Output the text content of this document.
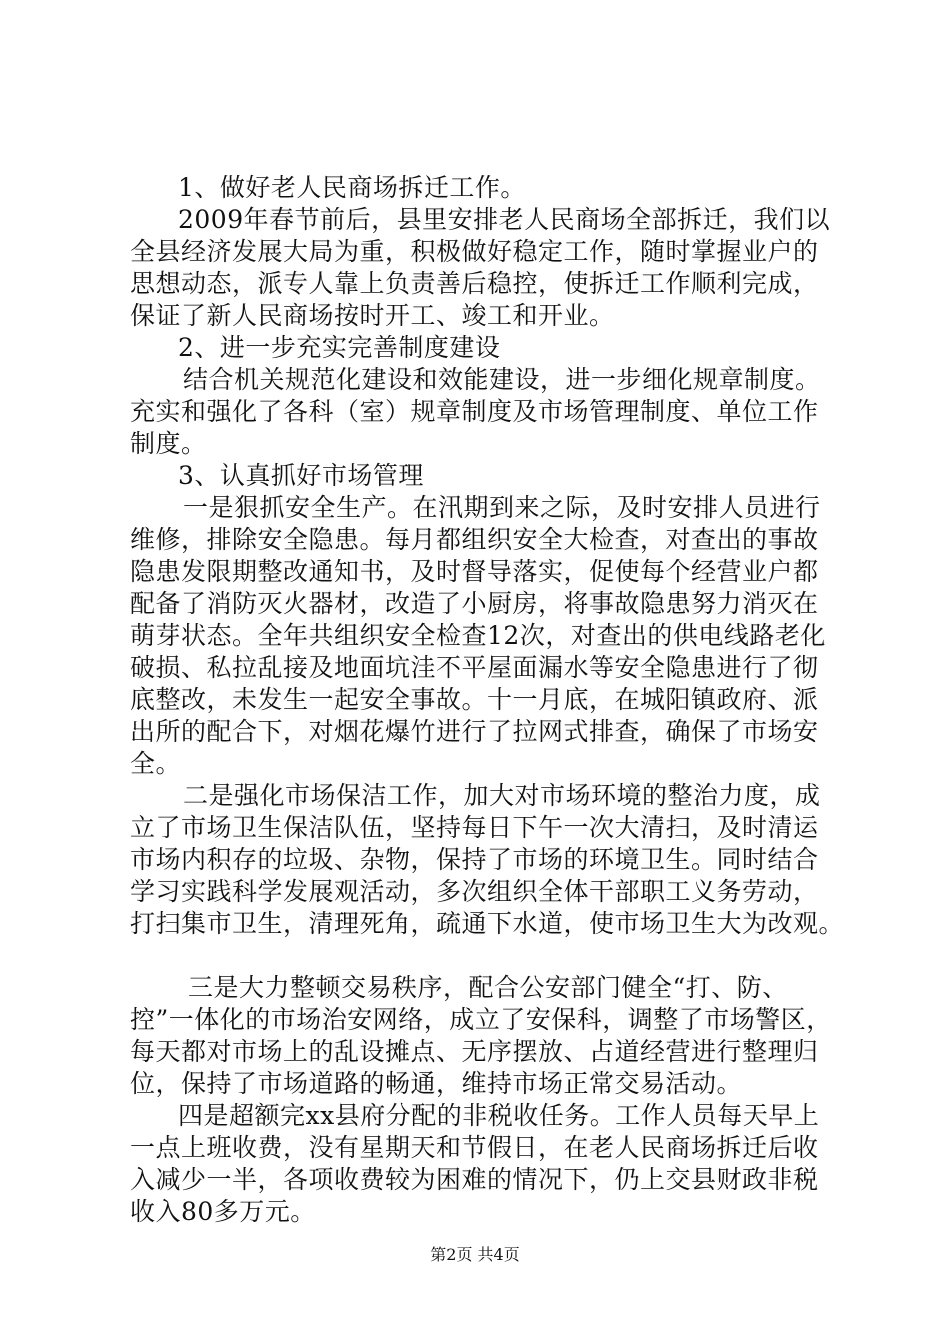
1、做好老人民商场拆迁工作。
2009年春节前后，县里安排老人民商场全部拆迁，我们以
全县经济发展大局为重，积极做好稳定工作，随时掌握业户的
思想动态，派专人靠上负责善后稳控，使拆迁工作顺利完成，
保证了新人民商场按时开工、竣工和开业。
2、进一步充实完善制度建设
结合机关规范化建设和效能建设，进一步细化规章制度。
充实和强化了各科（室）规章制度及市场管理制度、单位工作
制度。
3、认真抓好市场管理
一是狠抓安全生产。在汛期到来之际，及时安排人员进行
维修，排除安全隐患。每月都组织安全大检查，对查出的事故
隐患发限期整改通知书，及时督导落实，促使每个经营业户都
配备了消防灭火器材，改造了小厨房，将事故隐患努力消灭在
萌芽状态。全年共组织安全检查12次，对查出的供电线路老化
破损、私拉乱接及地面坑洼不平屋面漏水等安全隐患进行了彻
底整改，未发生一起安全事故。十一月底，在城阳镇政府、派
出所的配合下，对烟花爆竹进行了拉网式排查，确保了市场安
全。
二是强化市场保洁工作，加大对市场环境的整治力度，成
立了市场卫生保洁队伍，坚持每日下午一次大清扫，及时清运
市场内积存的垃圾、杂物，保持了市场的环境卫生。同时结合
学习实践科学发展观活动，多次组织全体干部职工义务劳动，
打扫集市卫生，清理死角，疏通下水道，使市场卫生大为改观。
三是大力整顿交易秩序，配合公安部门健全“打、防、
控”一体化的市场治安网络，成立了安保科，调整了市场警区，
每天都对市场上的乱设摊点、无序摆放、占道经营进行整理归
位，保持了市场道路的畅通，维持市场正常交易活动。
四是超额完xx县府分配的非税收任务。工作人员每天早上
一点上班收费，没有星期天和节假日，在老人民商场拆迁后收
入减少一半，各项收费较为困难的情况下，仍上交县财政非税
收入80多万元。
第2页 共4页
